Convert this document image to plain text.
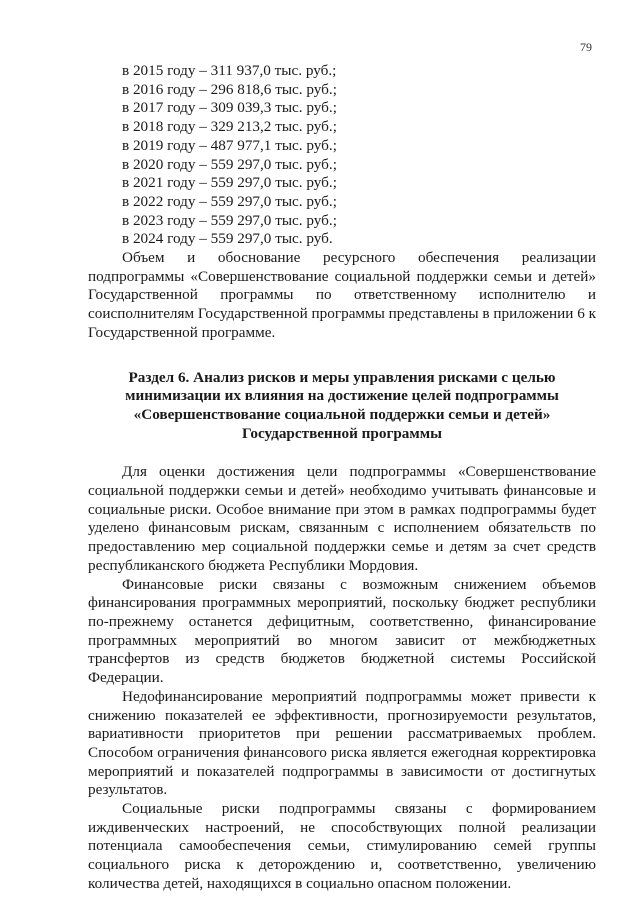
79
в 2015 году – 311 937,0 тыс. руб.;
в 2016 году – 296 818,6 тыс. руб.;
в 2017 году – 309 039,3 тыс. руб.;
в 2018 году – 329 213,2 тыс. руб.;
в 2019 году – 487 977,1 тыс. руб.;
в 2020 году – 559 297,0 тыс. руб.;
в 2021 году – 559 297,0 тыс. руб.;
в 2022 году – 559 297,0 тыс. руб.;
в 2023 году – 559 297,0 тыс. руб.;
в 2024 году – 559 297,0 тыс. руб.

Объем и обоснование ресурсного обеспечения реализации подпрограммы «Совершенствование социальной поддержки семьи и детей» Государственной программы по ответственному исполнителю и соисполнителям Государственной программы представлены в приложении 6 к Государственной программе.

Раздел 6. Анализ рисков и меры управления рисками с целью
минимизации их влияния на достижение целей подпрограммы
«Совершенствование социальной поддержки семьи и детей»
Государственной программы

Для оценки достижения цели подпрограммы «Совершенствование социальной поддержки семьи и детей» необходимо учитывать финансовые и социальные риски. Особое внимание при этом в рамках подпрограммы будет уделено финансовым рискам, связанным с исполнением обязательств по предоставлению мер социальной поддержки семье и детям за счет средств республиканского бюджета Республики Мордовия.

Финансовые риски связаны с возможным снижением объемов финансирования программных мероприятий, поскольку бюджет республики по-прежнему останется дефицитным, соответственно, финансирование программных мероприятий во многом зависит от межбюджетных трансфертов из средств бюджетов бюджетной системы Российской Федерации.

Недофинансирование мероприятий подпрограммы может привести к снижению показателей ее эффективности, прогнозируемости результатов, вариативности приоритетов при решении рассматриваемых проблем. Способом ограничения финансового риска является ежегодная корректировка мероприятий и показателей подпрограммы в зависимости от достигнутых результатов.

Социальные риски подпрограммы связаны с формированием иждивенческих настроений, не способствующих полной реализации потенциала самообеспечения семьи, стимулированию семей группы социального риска к деторождению и, соответственно, увеличению количества детей, находящихся в социально опасном положении.
